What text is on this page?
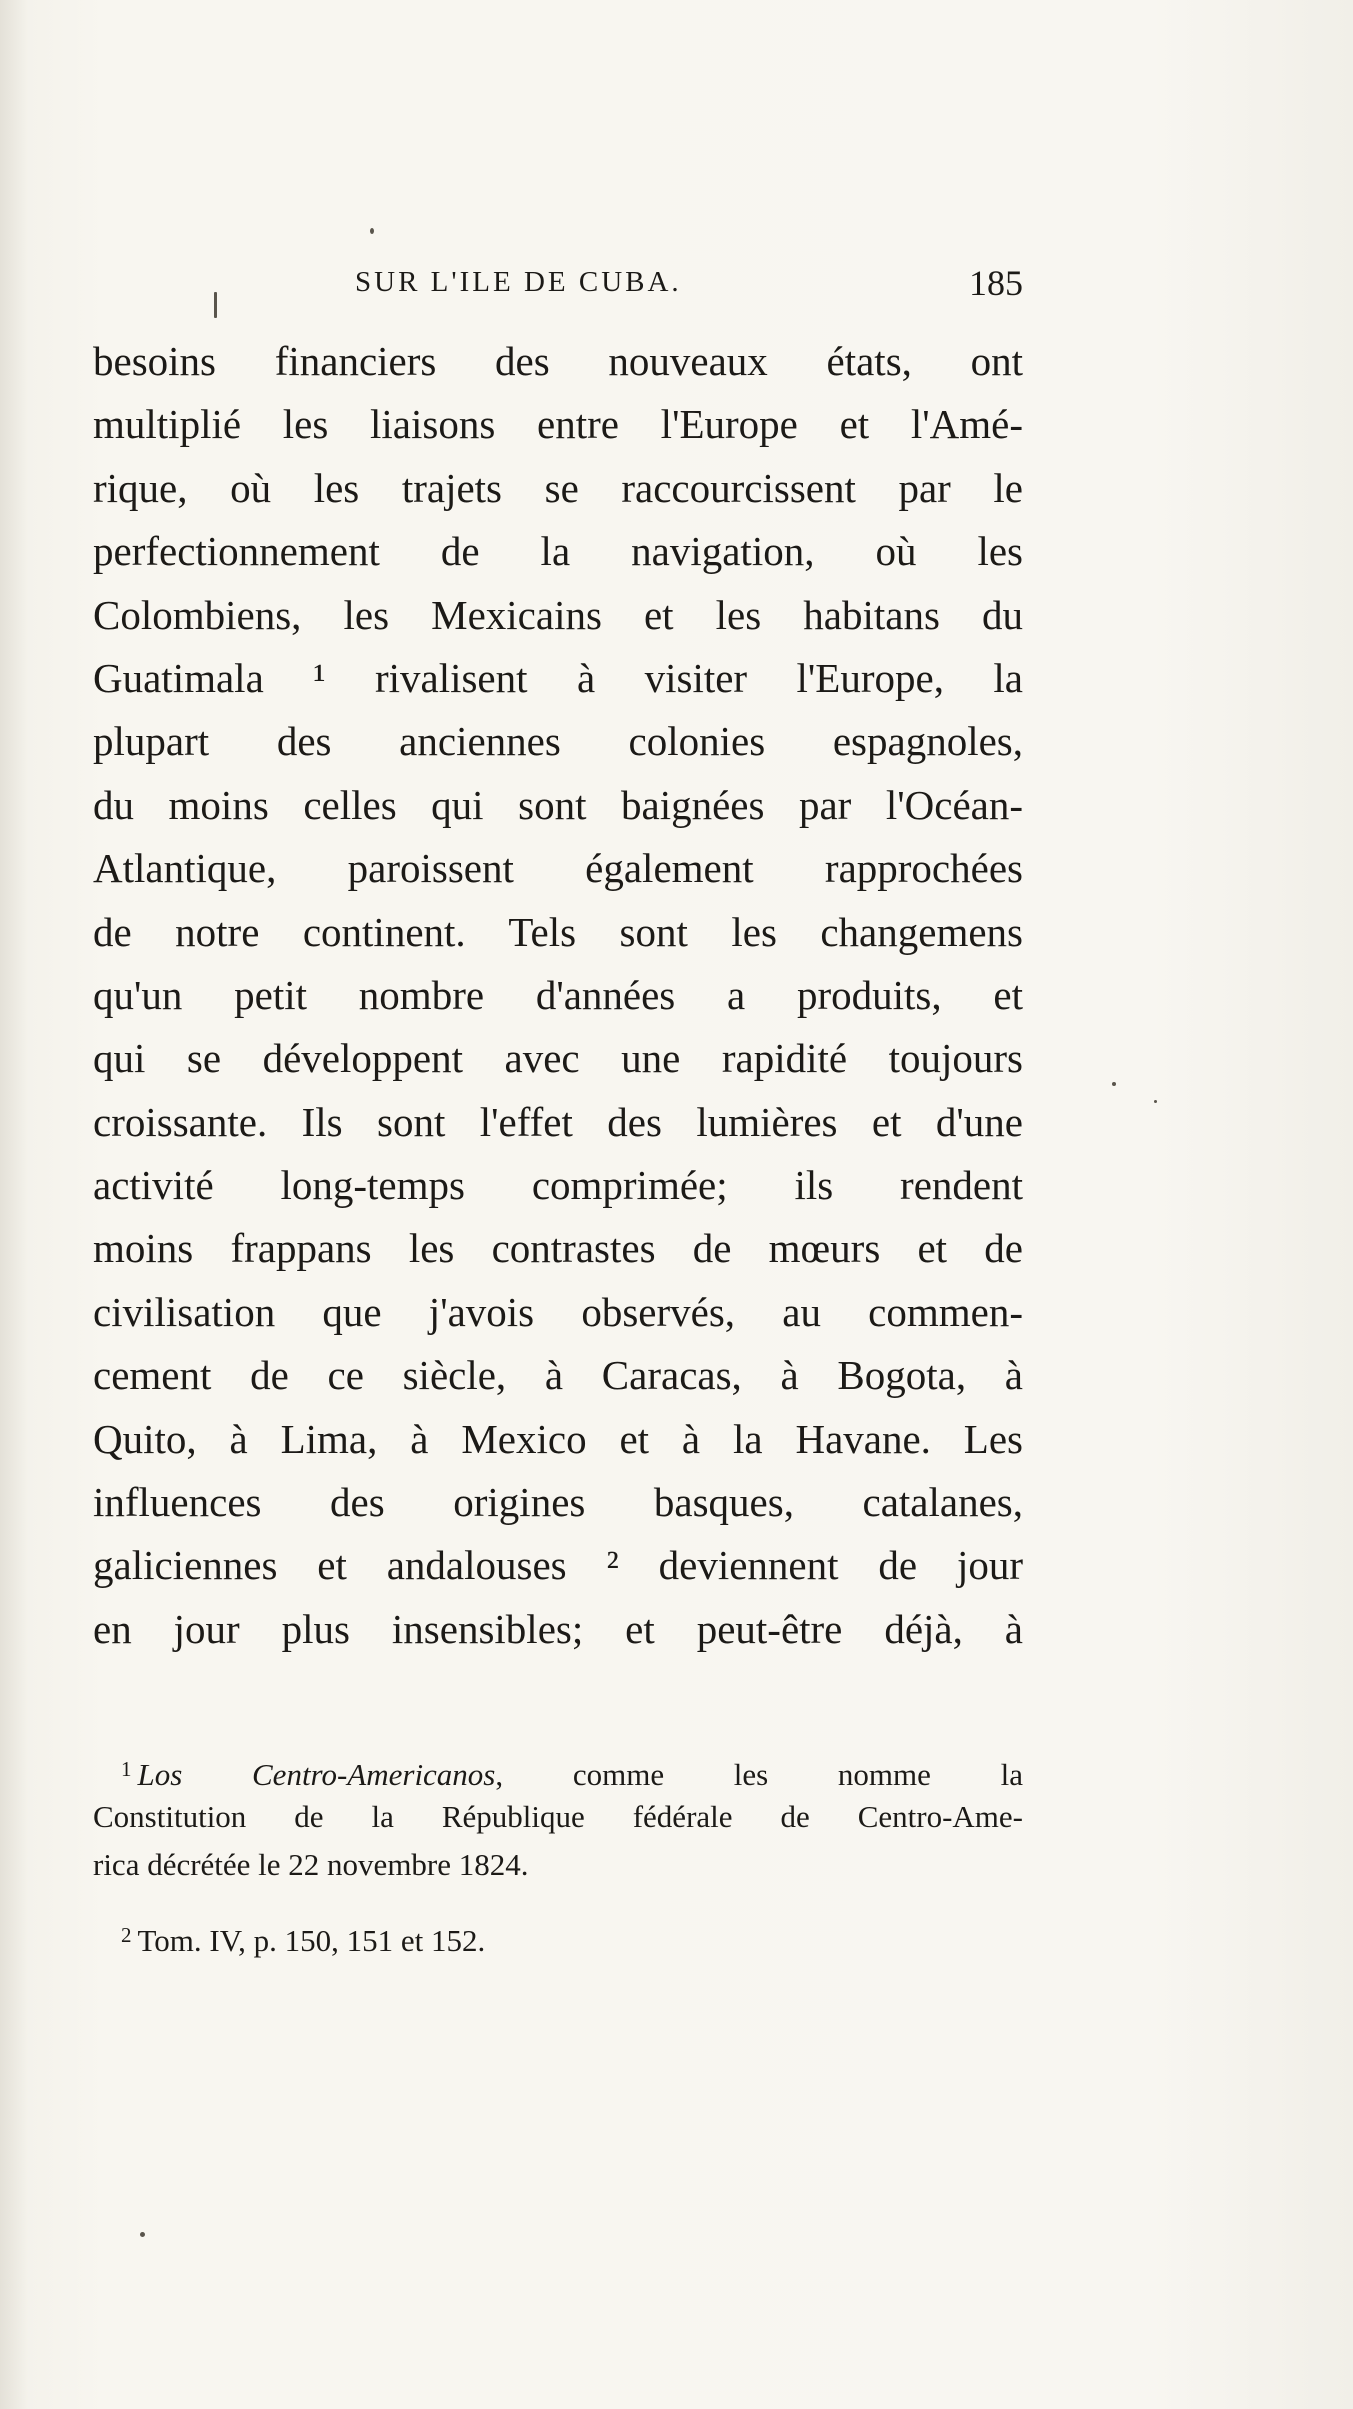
SUR L'ILE DE CUBA.	185
besoins financiers des nouveaux états, ont
multiplié les liaisons entre l'Europe et l'Amé-
rique, où les trajets se raccourcissent par le
perfectionnement de la navigation, où les
Colombiens, les Mexicains et les habitans du
Guatimala ¹ rivalisent à visiter l'Europe, la
plupart des anciennes colonies espagnoles,
du moins celles qui sont baignées par l'Océan-
Atlantique, paroissent également rapprochées
de notre continent. Tels sont les changemens
qu'un petit nombre d'années a produits, et
qui se développent avec une rapidité toujours
croissante. Ils sont l'effet des lumières et d'une
activité long-temps comprimée; ils rendent
moins frappans les contrastes de mœurs et de
civilisation que j'avois observés, au commen-
cement de ce siècle, à Caracas, à Bogota, à
Quito, à Lima, à Mexico et à la Havane. Les
influences des origines basques, catalanes,
galiciennes et andalouses ² deviennent de jour
en jour plus insensibles; et peut-être déjà, à
$^1$ Los Centro-Americanos, comme les nomme la
Constitution de la République fédérale de Centro-Ame-
rica décrétée le 22 novembre 1824.
$^2$ Tom. IV, p. 150, 151 et 152.
